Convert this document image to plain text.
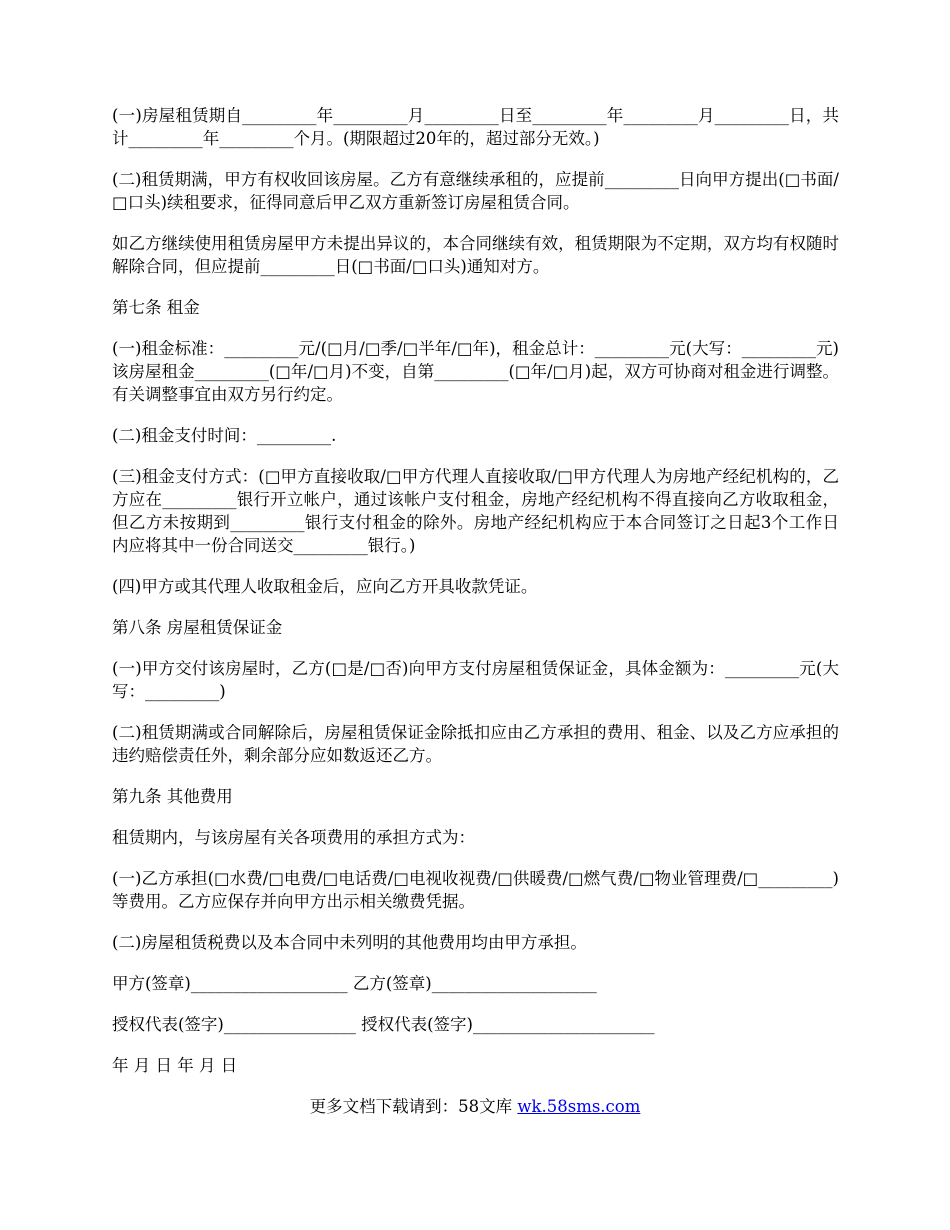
(一)房屋租赁期自_________年_________月_________日至_________年_________月_________日，共计_________年_________个月。(期限超过20年的，超过部分无效。)

(二)租赁期满，甲方有权收回该房屋。乙方有意继续承租的，应提前_________日向甲方提出(□书面/□口头)续租要求，征得同意后甲乙双方重新签订房屋租赁合同。

如乙方继续使用租赁房屋甲方未提出异议的，本合同继续有效，租赁期限为不定期，双方均有权随时解除合同，但应提前_________日(□书面/□口头)通知对方。

第七条 租金

(一)租金标准：_________元/(□月/□季/□半年/□年)，租金总计：_________元(大写：_________元)该房屋租金_________(□年/□月)不变，自第_________(□年/□月)起，双方可协商对租金进行调整。有关调整事宜由双方另行约定。

(二)租金支付时间：_________.

(三)租金支付方式：(□甲方直接收取/□甲方代理人直接收取/□甲方代理人为房地产经纪机构的，乙方应在_________银行开立帐户，通过该帐户支付租金，房地产经纪机构不得直接向乙方收取租金，但乙方未按期到_________银行支付租金的除外。房地产经纪机构应于本合同签订之日起3个工作日内应将其中一份合同送交_________银行。)

(四)甲方或其代理人收取租金后，应向乙方开具收款凭证。

第八条 房屋租赁保证金

(一)甲方交付该房屋时，乙方(□是/□否)向甲方支付房屋租赁保证金，具体金额为：_________元(大写：_________)

(二)租赁期满或合同解除后，房屋租赁保证金除抵扣应由乙方承担的费用、租金、以及乙方应承担的违约赔偿责任外，剩余部分应如数返还乙方。

第九条 其他费用

租赁期内，与该房屋有关各项费用的承担方式为：

(一)乙方承担(□水费/□电费/□电话费/□电视收视费/□供暖费/□燃气费/□物业管理费/□_________)等费用。乙方应保存并向甲方出示相关缴费凭据。

(二)房屋租赁税费以及本合同中未列明的其他费用均由甲方承担。

甲方(签章)___________________ 乙方(签章)____________________

授权代表(签字)________________ 授权代表(签字)______________________

年 月 日 年 月 日

更多文档下载请到：58文库 wk.58sms.com
